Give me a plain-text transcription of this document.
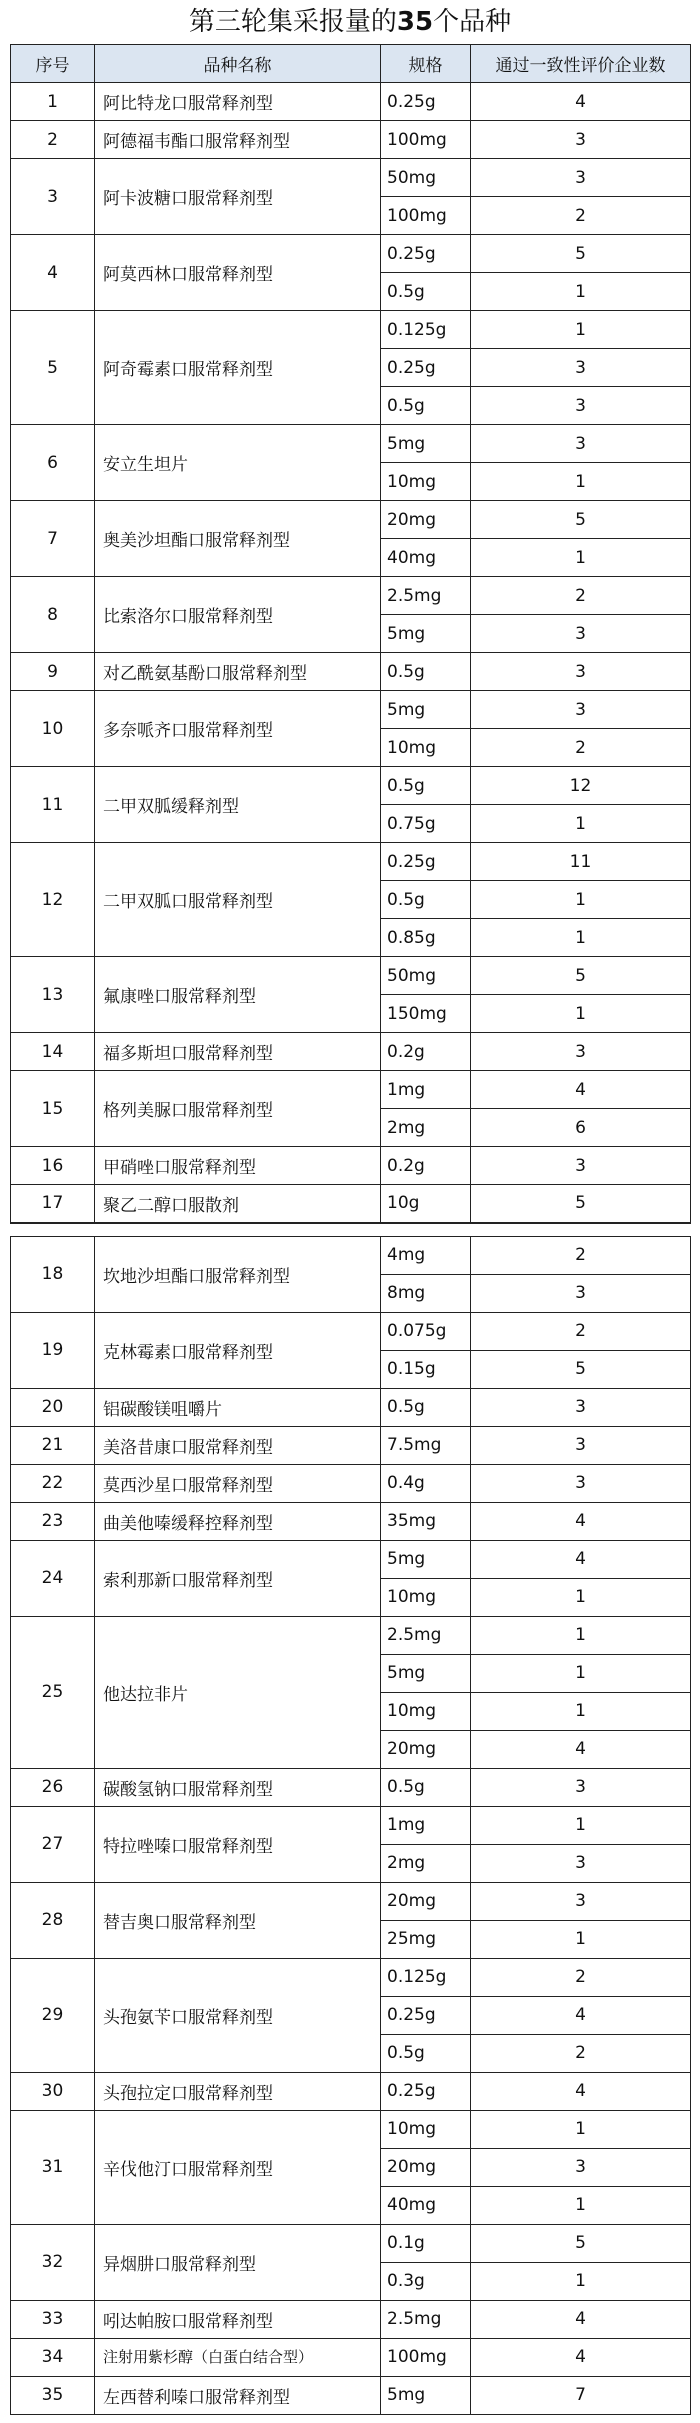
第三轮集采报量的35个品种
序号	品种名称	规格	通过一致性评价企业数
1	阿比特龙口服常释剂型	0.25g	4
2	阿德福韦酯口服常释剂型	100mg	3
3	阿卡波糖口服常释剂型	50mg	3
		100mg	2
4	阿莫西林口服常释剂型	0.25g	5
		0.5g	1
5	阿奇霉素口服常释剂型	0.125g	1
		0.25g	3
		0.5g	3
6	安立生坦片	5mg	3
		10mg	1
7	奥美沙坦酯口服常释剂型	20mg	5
		40mg	1
8	比索洛尔口服常释剂型	2.5mg	2
		5mg	3
9	对乙酰氨基酚口服常释剂型	0.5g	3
10	多奈哌齐口服常释剂型	5mg	3
		10mg	2
11	二甲双胍缓释剂型	0.5g	12
		0.75g	1
12	二甲双胍口服常释剂型	0.25g	11
		0.5g	1
		0.85g	1
13	氟康唑口服常释剂型	50mg	5
		150mg	1
14	福多斯坦口服常释剂型	0.2g	3
15	格列美脲口服常释剂型	1mg	4
		2mg	6
16	甲硝唑口服常释剂型	0.2g	3
17	聚乙二醇口服散剂	10g	5
18	坎地沙坦酯口服常释剂型	4mg	2
		8mg	3
19	克林霉素口服常释剂型	0.075g	2
		0.15g	5
20	铝碳酸镁咀嚼片	0.5g	3
21	美洛昔康口服常释剂型	7.5mg	3
22	莫西沙星口服常释剂型	0.4g	3
23	曲美他嗪缓释控释剂型	35mg	4
24	索利那新口服常释剂型	5mg	4
		10mg	1
25	他达拉非片	2.5mg	1
		5mg	1
		10mg	1
		20mg	4
26	碳酸氢钠口服常释剂型	0.5g	3
27	特拉唑嗪口服常释剂型	1mg	1
		2mg	3
28	替吉奥口服常释剂型	20mg	3
		25mg	1
29	头孢氨苄口服常释剂型	0.125g	2
		0.25g	4
		0.5g	2
30	头孢拉定口服常释剂型	0.25g	4
31	辛伐他汀口服常释剂型	10mg	1
		20mg	3
		40mg	1
32	异烟肼口服常释剂型	0.1g	5
		0.3g	1
33	吲达帕胺口服常释剂型	2.5mg	4
34	注射用紫杉醇（白蛋白结合型）	100mg	4
35	左西替利嗪口服常释剂型	5mg	7
